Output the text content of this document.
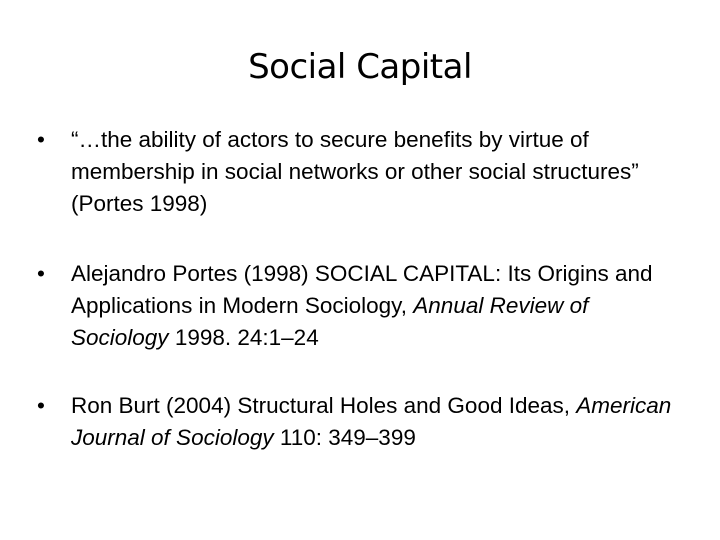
Social Capital
• “…the ability of actors to secure benefits by virtue of membership in social networks or other social structures” (Portes 1998)
• Alejandro Portes (1998) SOCIAL CAPITAL: Its Origins and Applications in Modern Sociology, Annual Review of Sociology 1998. 24:1–24
• Ron Burt (2004) Structural Holes and Good Ideas, American Journal of Sociology 110: 349–399
